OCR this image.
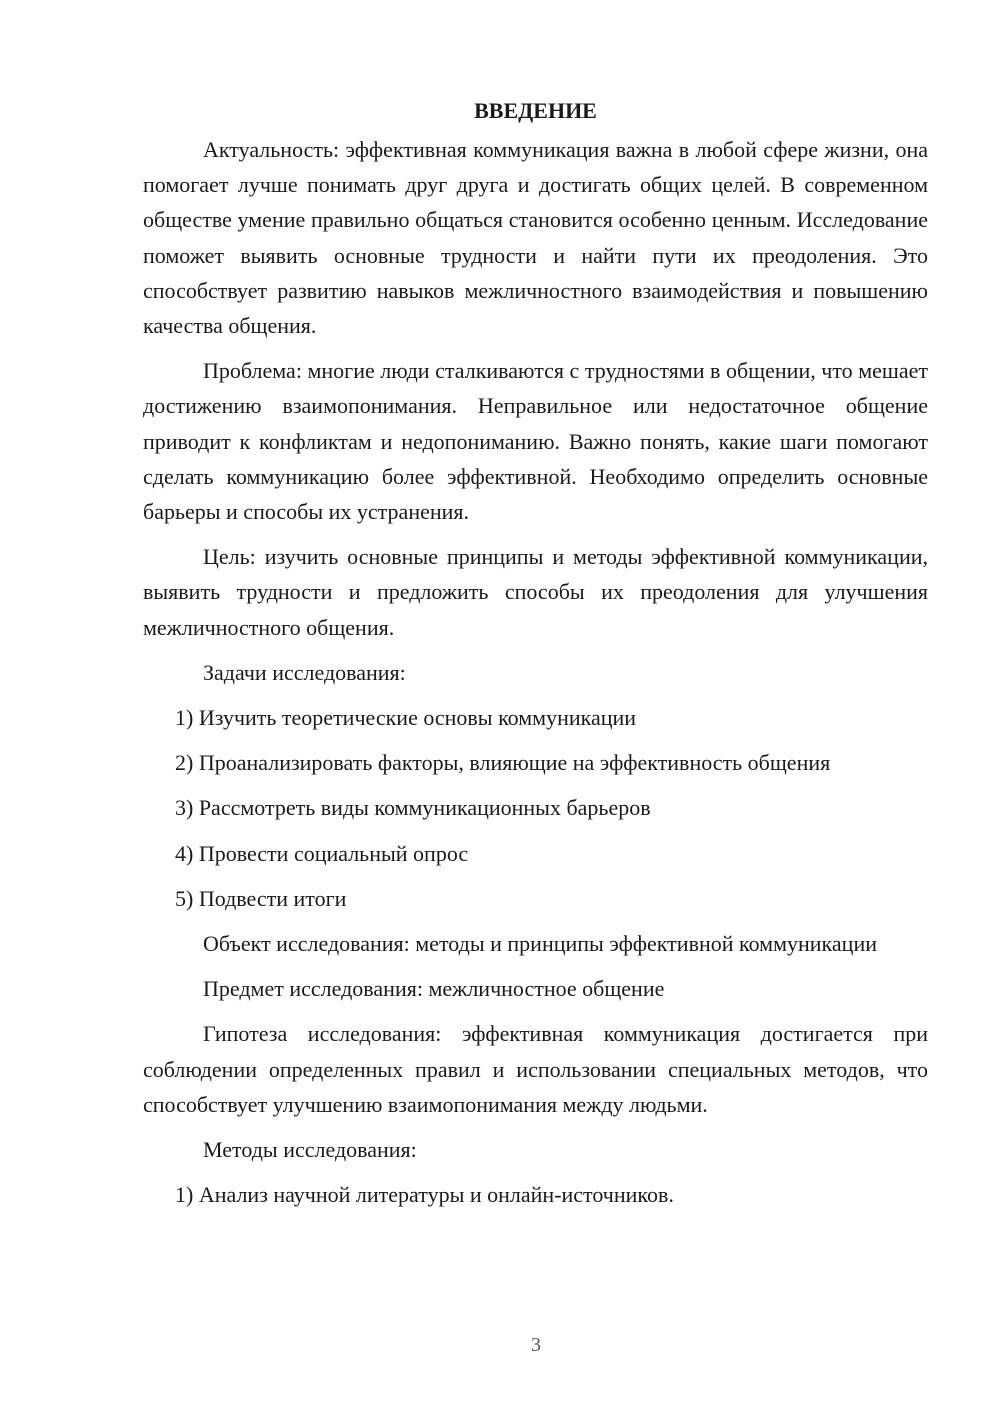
ВВЕДЕНИЕ

Актуальность: эффективная коммуникация важна в любой сфере жизни, она помогает лучше понимать друг друга и достигать общих целей. В современном обществе умение правильно общаться становится особенно ценным. Исследование поможет выявить основные трудности и найти пути их преодоления. Это способствует развитию навыков межличностного взаимодействия и повышению качества общения.

Проблема: многие люди сталкиваются с трудностями в общении, что мешает достижению взаимопонимания. Неправильное или недостаточное общение приводит к конфликтам и недопониманию. Важно понять, какие шаги помогают сделать коммуникацию более эффективной. Необходимо определить основные барьеры и способы их устранения.

Цель: изучить основные принципы и методы эффективной коммуникации, выявить трудности и предложить способы их преодоления для улучшения межличностного общения.

Задачи исследования:

1) Изучить теоретические основы коммуникации

2) Проанализировать факторы, влияющие на эффективность общения

3) Рассмотреть виды коммуникационных барьеров

4) Провести социальный опрос

5) Подвести итоги

Объект исследования: методы и принципы эффективной коммуникации

Предмет исследования: межличностное общение

Гипотеза исследования: эффективная коммуникация достигается при соблюдении определенных правил и использовании специальных методов, что способствует улучшению взаимопонимания между людьми.

Методы исследования:

1) Анализ научной литературы и онлайн-источников.

3
